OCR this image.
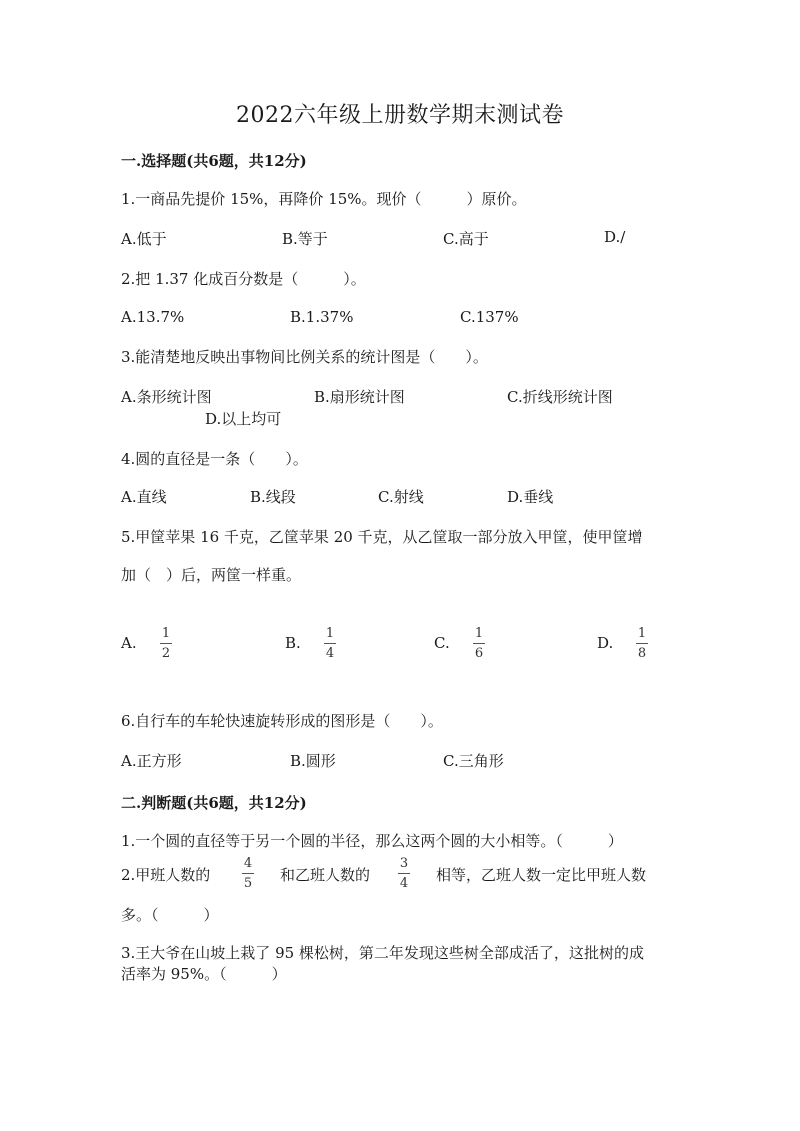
2022六年级上册数学期末测试卷
一.选择题(共6题，共12分)
1.一商品先提价 15%，再降价 15%。现价（　　　）原价。
A.低于	B.等于	C.高于	D./
2.把 1.37 化成百分数是（　　　）。
A.13.7%	B.1.37%	C.137%
3.能清楚地反映出事物间比例关系的统计图是（　　）。
A.条形统计图	B.扇形统计图	C.折线形统计图
D.以上均可
4.圆的直径是一条（　　）。
A.直线	B.线段	C.射线	D.垂线
5.甲筐苹果 16 千克，乙筐苹果 20 千克，从乙筐取一部分放入甲筐，使甲筐增
加（　）后，两筐一样重。
A.
1
2
B.
1
4
C.
1
6
D.
1
8
6.自行车的车轮快速旋转形成的图形是（　　）。
A.正方形	B.圆形	C.三角形
二.判断题(共6题，共12分)
1.一个圆的直径等于另一个圆的半径，那么这两个圆的大小相等。（　　　）
2.甲班人数的
4
5 和乙班人数的
3
4 相等，乙班人数一定比甲班人数
多。（　　　）
3.王大爷在山坡上栽了 95 棵松树，第二年发现这些树全部成活了，这批树的成
活率为 95%。（　　　）
